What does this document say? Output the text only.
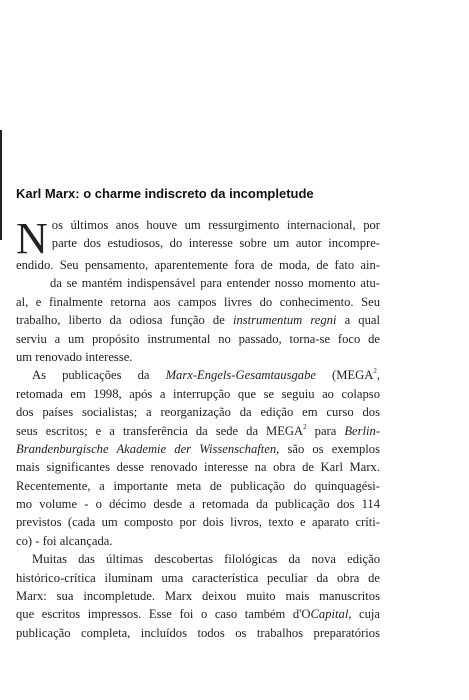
Karl Marx: o charme indiscreto da incompletude
N os últimos anos houve um ressurgimento internacional, por
parte dos estudiosos, do interesse sobre um autor incompre-
endido. Seu pensamento, aparentemente fora de moda, de fato ain-
da se mantém indispensável para entender nosso momento atu-
al, e finalmente retorna aos campos livres do conhecimento. Seu
trabalho, liberto da odiosa função de instrumentum regni a qual
serviu a um propósito instrumental no passado, torna-se foco de
um renovado interesse.
As publicações da Marx-Engels-Gesamtausgabe (MEGA$^2$,
retomada em 1998, após a interrupção que se seguiu ao colapso
dos países socialistas; a reorganização da edição em curso dos
seus escritos; e a transferência da sede da MEGA$^2$ para Berlin-
Brandenburgische Akademie der Wissenschaften, são os exemplos
mais significantes desse renovado interesse na obra de Karl Marx.
Recentemente, a importante meta de publicação do quinquagési-
mo volume - o décimo desde a retomada da publicação dos 114
previstos (cada um composto por dois livros, texto e aparato críti-
co) - foi alcançada.
Muitas das últimas descobertas filológicas da nova edição
histórico-crítica iluminam uma característica peculiar da obra de
Marx: sua incompletude. Marx deixou muito mais manuscritos
que escritos impressos. Esse foi o caso também d'OCapital, cuja
publicação completa, incluídos todos os trabalhos preparatórios
